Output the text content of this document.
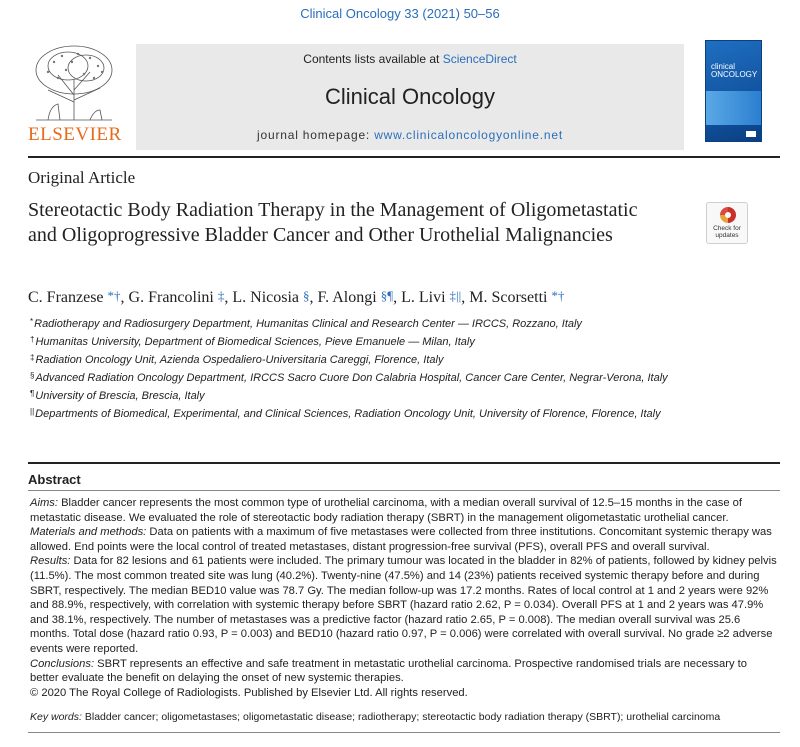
Clinical Oncology 33 (2021) 50–56
ELSEVIER
Contents lists available at ScienceDirect
Clinical Oncology
journal homepage: www.clinicaloncologyonline.net
clinical
ONCOLOGY
Original Article
Stereotactic Body Radiation Therapy in the Management of Oligometastatic and Oligoprogressive Bladder Cancer and Other Urothelial Malignancies	Check for
updates
C. Franzese *†, G. Francolini ‡, L. Nicosia §, F. Alongi §¶, L. Livi ‡||, M. Scorsetti *†
*Radiotherapy and Radiosurgery Department, Humanitas Clinical and Research Center — IRCCS, Rozzano, Italy
†Humanitas University, Department of Biomedical Sciences, Pieve Emanuele — Milan, Italy
‡Radiation Oncology Unit, Azienda Ospedaliero-Universitaria Careggi, Florence, Italy
§Advanced Radiation Oncology Department, IRCCS Sacro Cuore Don Calabria Hospital, Cancer Care Center, Negrar-Verona, Italy
¶University of Brescia, Brescia, Italy
||Departments of Biomedical, Experimental, and Clinical Sciences, Radiation Oncology Unit, University of Florence, Florence, Italy
Abstract
Aims: Bladder cancer represents the most common type of urothelial carcinoma, with a median overall survival of 12.5–15 months in the case of metastatic disease. We evaluated the role of stereotactic body radiation therapy (SBRT) in the management oligometastatic urothelial cancer.
Materials and methods: Data on patients with a maximum of five metastases were collected from three institutions. Concomitant systemic therapy was allowed. End points were the local control of treated metastases, distant progression-free survival (PFS), overall PFS and overall survival.
Results: Data for 82 lesions and 61 patients were included. The primary tumour was located in the bladder in 82% of patients, followed by kidney pelvis (11.5%). The most common treated site was lung (40.2%). Twenty-nine (47.5%) and 14 (23%) patients received systemic therapy before and during SBRT, respectively. The median BED10 value was 78.7 Gy. The median follow-up was 17.2 months. Rates of local control at 1 and 2 years were 92% and 88.9%, respectively, with correlation with systemic therapy before SBRT (hazard ratio 2.62, P = 0.034). Overall PFS at 1 and 2 years was 47.9% and 38.1%, respectively. The number of metastases was a predictive factor (hazard ratio 2.65, P = 0.008). The median overall survival was 25.6 months. Total dose (hazard ratio 0.93, P = 0.003) and BED10 (hazard ratio 0.97, P = 0.006) were correlated with overall survival. No grade ≥2 adverse events were reported.
Conclusions: SBRT represents an effective and safe treatment in metastatic urothelial carcinoma. Prospective randomised trials are necessary to better evaluate the benefit on delaying the onset of new systemic therapies.
© 2020 The Royal College of Radiologists. Published by Elsevier Ltd. All rights reserved.
Key words: Bladder cancer; oligometastases; oligometastatic disease; radiotherapy; stereotactic body radiation therapy (SBRT); urothelial carcinoma
